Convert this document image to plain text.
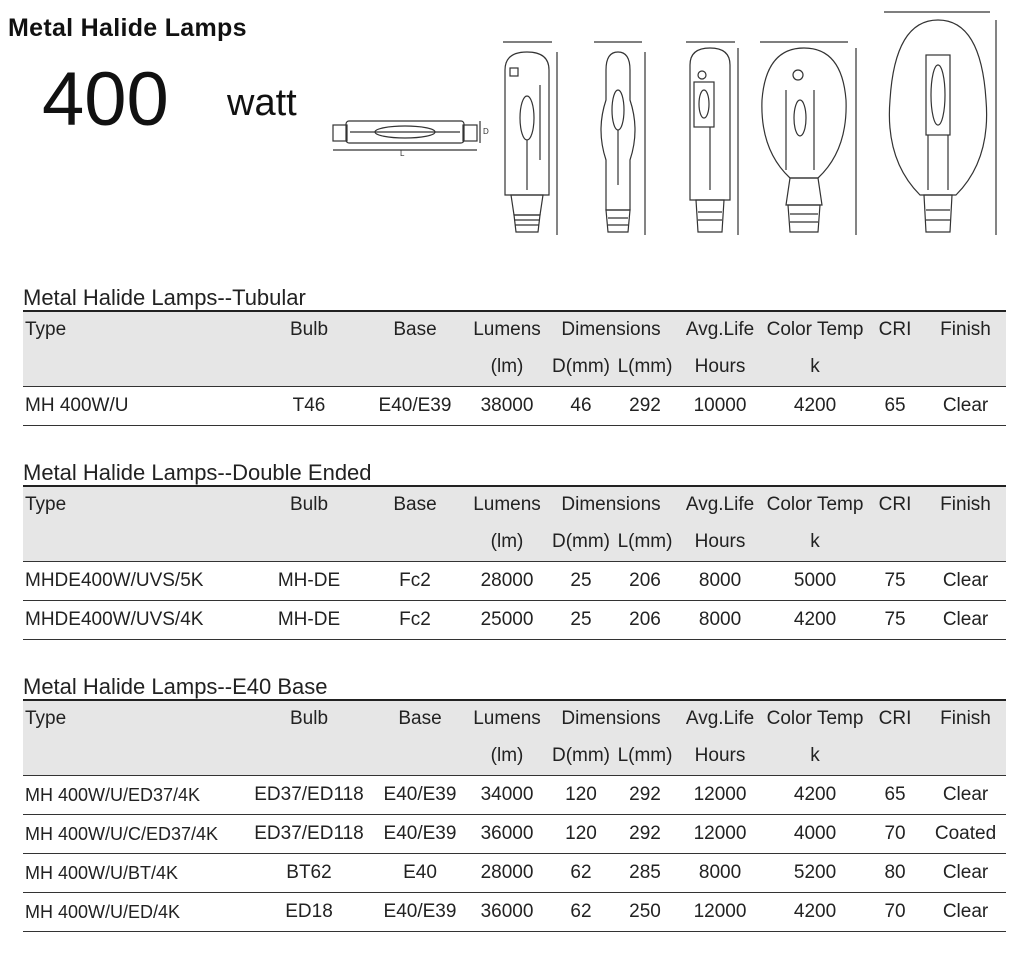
Metal Halide Lamps
400 watt
L
D
Metal Halide Lamps--Tubular
Type	Bulb	Base	Lumens	Dimensions		Avg.Life	Color Temp	CRI	Finish
			(lm)	D(mm)	L(mm)	Hours	k		
MH 400W/U	T46	E40/E39	38000	46	292	10000	4200	65	Clear
Metal Halide Lamps--Double Ended
Type	Bulb	Base	Lumens	Dimensions		Avg.Life	Color Temp	CRI	Finish
			(lm)	D(mm)	L(mm)	Hours	k		
MHDE400W/UVS/5K	MH-DE	Fc2	28000	25	206	8000	5000	75	Clear
MHDE400W/UVS/4K	MH-DE	Fc2	25000	25	206	8000	4200	75	Clear
Metal Halide Lamps--E40 Base
Type	Bulb	Base	Lumens	Dimensions		Avg.Life	Color Temp	CRI	Finish
			(lm)	D(mm)	L(mm)	Hours	k		
MH 400W/U/ED37/4K	ED37/ED118	E40/E39	34000	120	292	12000	4200	65	Clear
MH 400W/U/C/ED37/4K	ED37/ED118	E40/E39	36000	120	292	12000	4000	70	Coated
MH 400W/U/BT/4K	BT62	E40	28000	62	285	8000	5200	80	Clear
MH 400W/U/ED/4K	ED18	E40/E39	36000	62	250	12000	4200	70	Clear
